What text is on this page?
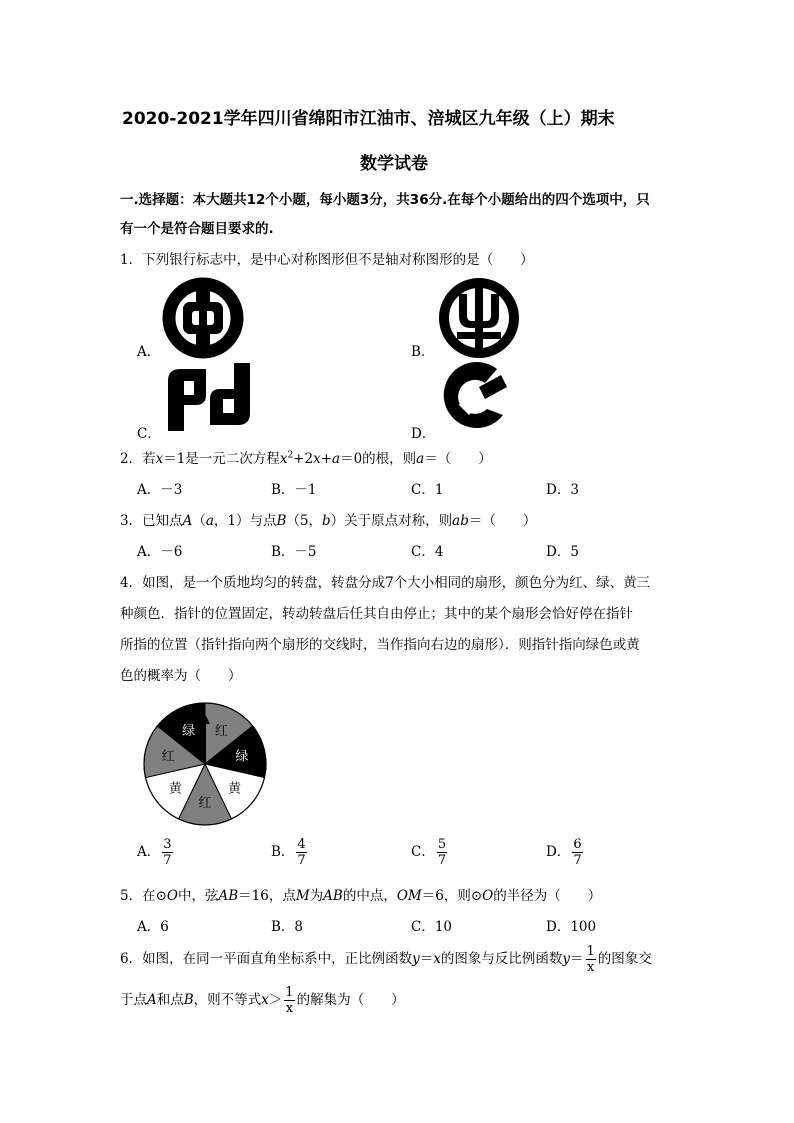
2020-2021学年四川省绵阳市江油市、涪城区九年级（上）期末
数学试卷
一.选择题：本大题共12个小题，每小题3分，共36分.在每个小题给出的四个选项中，只
有一个是符合题目要求的.
1．下列银行标志中，是中心对称图形但不是轴对称图形的是（　　）
A．	B．
C．	D．
2．若x＝1是一元二次方程$x^2+2x+a=0$的根，则a＝（　　）
A．－3	B．－1	C．1	D．3
3．已知点A（a，1）与点B（5，b）关于原点对称，则ab＝（　　）
A．－6	B．－5	C．4	D．5
4．如图，是一个质地均匀的转盘，转盘分成7个大小相同的扇形，颜色分为红、绿、黄三
种颜色．指针的位置固定，转动转盘后任其自由停止；其中的某个扇形会恰好停在指针
所指的位置（指针指向两个扇形的交线时，当作指向右边的扇形）．则指针指向绿色或黄
色的概率为（　　）
红
绿
黄
红
黄
红
绿
A． $\frac{3}{7}$	B． $\frac{4}{7}$	C． $\frac{5}{7}$	D． $\frac{6}{7}$
5．在⊙O中，弦AB＝16，点M为AB的中点，OM＝6，则⊙O的半径为（　　）
A．6	B．8	C．10	D．100
6．如图，在同一平面直角坐标系中，正比例函数y＝x的图象与反比例函数$y= \frac{1}{x}$ 的图象交
于点A和点B，则不等式$x> \frac{1}{x}$ 的解集为（　　）
